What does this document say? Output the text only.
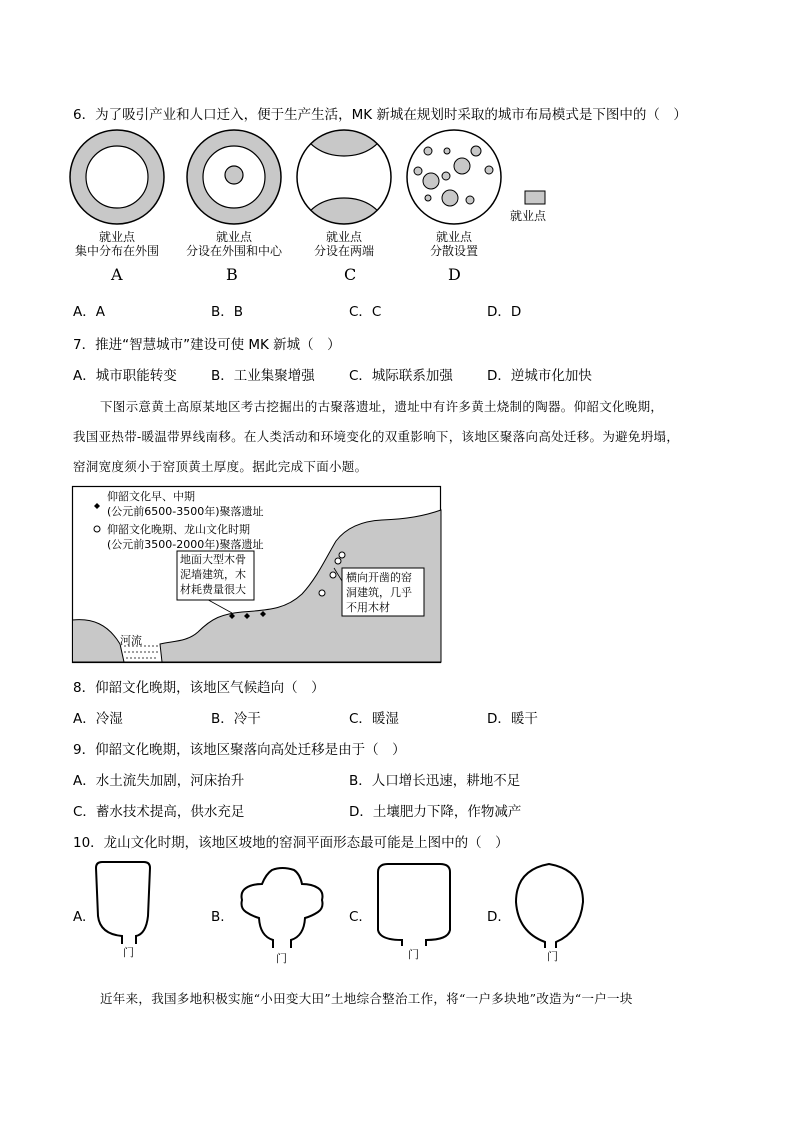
6．为了吸引产业和人口迁入，便于生产生活，MK 新城在规划时采取的城市布局模式是下图中的（　）
就业点
就业点
集中分布在外围
就业点
分设在外围和中心
就业点
分设在两端
就业点
分散设置
A	B	C	D
A．A	B．B	C．C	D．D
7．推进“智慧城市”建设可使 MK 新城（　）
A．城市职能转变	B．工业集聚增强	C．城际联系加强	D．逆城市化加快
下图示意黄土高原某地区考古挖掘出的古聚落遗址，遗址中有许多黄土烧制的陶器。仰韶文化晚期，
我国亚热带-暖温带界线南移。在人类活动和环境变化的双重影响下，该地区聚落向高处迁移。为避免坍塌，
窑洞宽度须小于窑顶黄土厚度。据此完成下面小题。
仰韶文化早、中期
(公元前6500-3500年)聚落遗址
仰韶文化晚期、龙山文化时期
(公元前3500-2000年)聚落遗址
地面大型木骨
泥墙建筑，木
材耗费量很大
横向开凿的窑
洞建筑，几乎
不用木材
河流
8．仰韶文化晚期，该地区气候趋向（　）
A．冷湿	B．冷干	C．暖湿	D．暖干
9．仰韶文化晚期，该地区聚落向高处迁移是由于（　）
A．水土流失加剧，河床抬升	B．人口增长迅速，耕地不足
C．蓄水技术提高，供水充足	D．土壤肥力下降，作物减产
10．龙山文化时期，该地区坡地的窑洞平面形态最可能是上图中的（　）
A.	B.	C.	D.
门	门	门	门
近年来，我国多地积极实施“小田变大田”土地综合整治工作，将“一户多块地”改造为“一户一块
